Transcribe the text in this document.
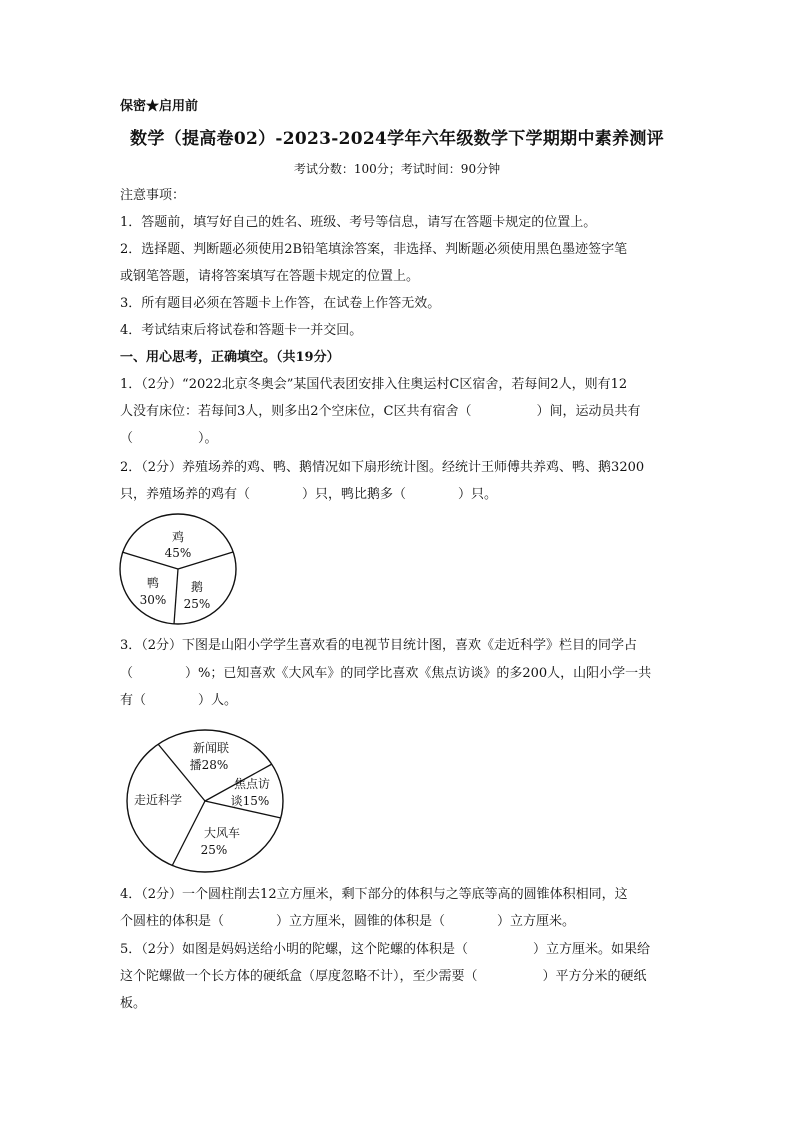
保密★启用前
数学（提高卷02）-2023-2024学年六年级数学下学期期中素养测评
考试分数：100分；考试时间：90分钟
注意事项：
1．答题前，填写好自己的姓名、班级、考号等信息，请写在答题卡规定的位置上。
2．选择题、判断题必须使用2B铅笔填涂答案，非选择、判断题必须使用黑色墨迹签字笔
或钢笔答题，请将答案填写在答题卡规定的位置上。
3．所有题目必须在答题卡上作答，在试卷上作答无效。
4．考试结束后将试卷和答题卡一并交回。
一、用心思考，正确填空。（共19分）
1．（2分）“2022北京冬奥会”某国代表团安排入住奥运村C区宿舍，若每间2人，则有12
人没有床位：若每间3人，则多出2个空床位，C区共有宿舍（　　　　　）间，运动员共有
（　　　　　）。
2．（2分）养殖场养的鸡、鸭、鹅情况如下扇形统计图。经统计王师傅共养鸡、鸭、鹅3200
只，养殖场养的鸡有（　　　　）只，鸭比鹅多（　　　　）只。
鸡
45%
鸭
30%
鹅
25%
3．（2分）下图是山阳小学学生喜欢看的电视节目统计图，喜欢《走近科学》栏目的同学占
（　　　　）%；已知喜欢《大风车》的同学比喜欢《焦点访谈》的多200人，山阳小学一共
有（　　　　）人。
新闻联
播28%
焦点访
谈15%
大风车
25%
走近科学
4．（2分）一个圆柱削去12立方厘米，剩下部分的体积与之等底等高的圆锥体积相同，这
个圆柱的体积是（　　　　）立方厘米，圆锥的体积是（　　　　）立方厘米。
5．（2分）如图是妈妈送给小明的陀螺，这个陀螺的体积是（　　　　　）立方厘米。如果给
这个陀螺做一个长方体的硬纸盒（厚度忽略不计），至少需要（　　　　　）平方分米的硬纸
板。
